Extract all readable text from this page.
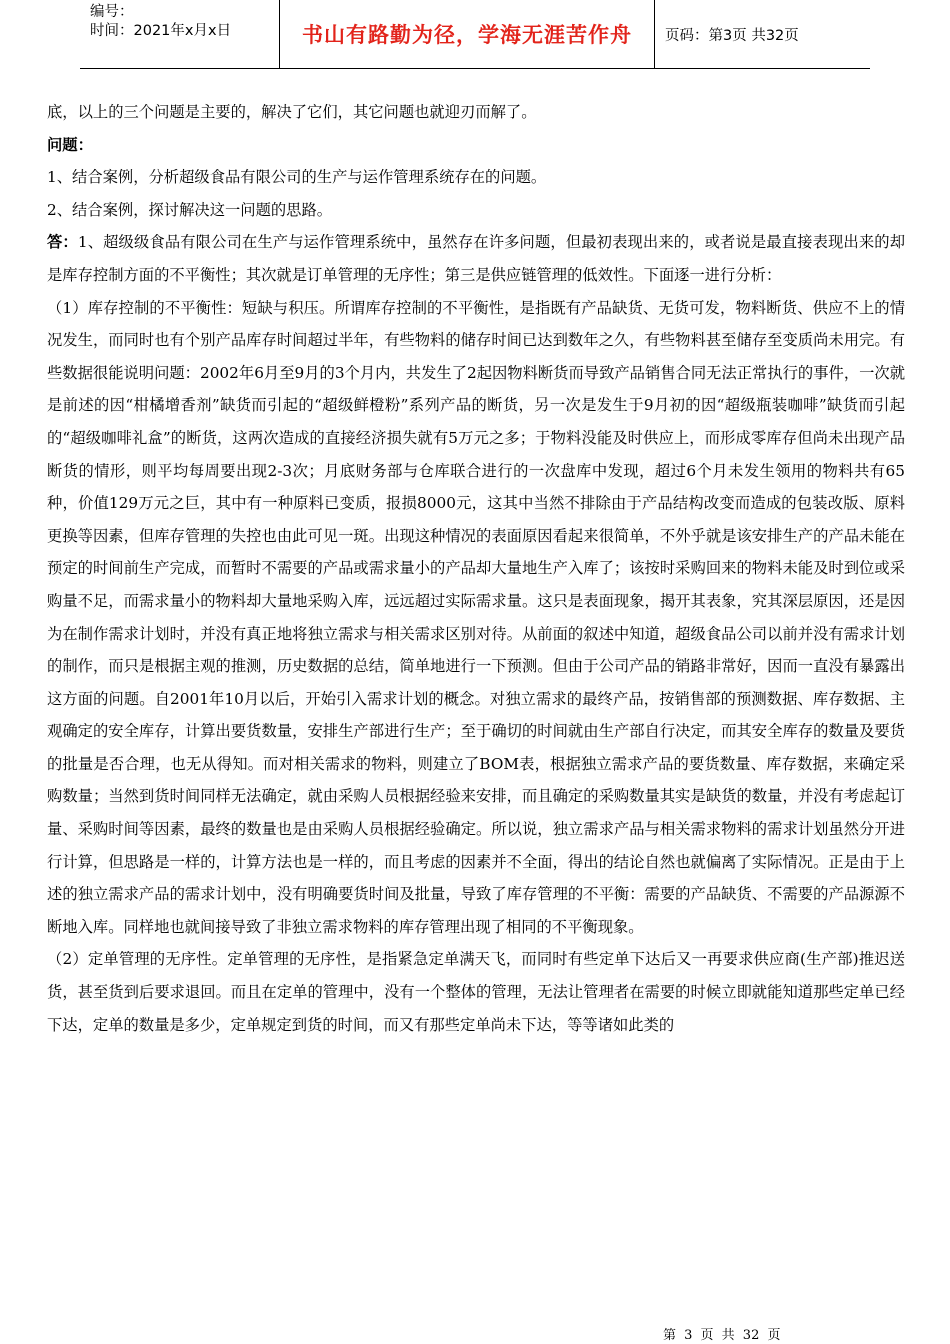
编号：
时间：2021年x月x日	书山有路勤为径，学海无涯苦作舟	页码：第3页 共32页

底，以上的三个问题是主要的，解决了它们，其它问题也就迎刃而解了。

问题：

1、结合案例，分析超级食品有限公司的生产与运作管理系统存在的问题。

2、结合案例，探讨解决这一问题的思路。

答：1、超级级食品有限公司在生产与运作管理系统中，虽然存在许多问题，但最初表现出来的，或者说是最直接表现出来的却是库存控制方面的不平衡性；其次就是订单管理的无序性；第三是供应链管理的低效性。下面逐一进行分析：

（1）库存控制的不平衡性：短缺与积压。所谓库存控制的不平衡性，是指既有产品缺货、无货可发，物料断货、供应不上的情况发生，而同时也有个别产品库存时间超过半年，有些物料的储存时间已达到数年之久，有些物料甚至储存至变质尚未用完。有些数据很能说明问题：2002年6月至9月的3个月内，共发生了2起因物料断货而导致产品销售合同无法正常执行的事件，一次就是前述的因“柑橘增香剂”缺货而引起的“超级鲜橙粉”系列产品的断货，另一次是发生于9月初的因“超级瓶装咖啡”缺货而引起的“超级咖啡礼盒”的断货，这两次造成的直接经济损失就有5万元之多；于物料没能及时供应上，而形成零库存但尚未出现产品断货的情形，则平均每周要出现2-3次；月底财务部与仓库联合进行的一次盘库中发现，超过6个月未发生领用的物料共有65种，价值129万元之巨，其中有一种原料已变质，报损8000元，这其中当然不排除由于产品结构改变而造成的包装改版、原料更换等因素，但库存管理的失控也由此可见一斑。出现这种情况的表面原因看起来很简单，不外乎就是该安排生产的产品未能在预定的时间前生产完成，而暂时不需要的产品或需求量小的产品却大量地生产入库了；该按时采购回来的物料未能及时到位或采购量不足，而需求量小的物料却大量地采购入库，远远超过实际需求量。这只是表面现象，揭开其表象，究其深层原因，还是因为在制作需求计划时，并没有真正地将独立需求与相关需求区别对待。从前面的叙述中知道，超级食品公司以前并没有需求计划的制作，而只是根据主观的推测，历史数据的总结，简单地进行一下预测。但由于公司产品的销路非常好，因而一直没有暴露出这方面的问题。自2001年10月以后，开始引入需求计划的概念。对独立需求的最终产品，按销售部的预测数据、库存数据、主观确定的安全库存，计算出要货数量，安排生产部进行生产；至于确切的时间就由生产部自行决定，而其安全库存的数量及要货的批量是否合理，也无从得知。而对相关需求的物料，则建立了BOM表，根据独立需求产品的要货数量、库存数据，来确定采购数量；当然到货时间同样无法确定，就由采购人员根据经验来安排，而且确定的采购数量其实是缺货的数量，并没有考虑起订量、采购时间等因素，最终的数量也是由采购人员根据经验确定。所以说，独立需求产品与相关需求物料的需求计划虽然分开进行计算，但思路是一样的，计算方法也是一样的，而且考虑的因素并不全面，得出的结论自然也就偏离了实际情况。正是由于上述的独立需求产品的需求计划中，没有明确要货时间及批量，导致了库存管理的不平衡：需要的产品缺货、不需要的产品源源不断地入库。同样地也就间接导致了非独立需求物料的库存管理出现了相同的不平衡现象。

（2）定单管理的无序性。定单管理的无序性，是指紧急定单满天飞，而同时有些定单下达后又一再要求供应商(生产部)推迟送货，甚至货到后要求退回。而且在定单的管理中，没有一个整体的管理，无法让管理者在需要的时候立即就能知道那些定单已经下达，定单的数量是多少，定单规定到货的时间，而又有那些定单尚未下达，等等诸如此类的

第 3 页 共 32 页
